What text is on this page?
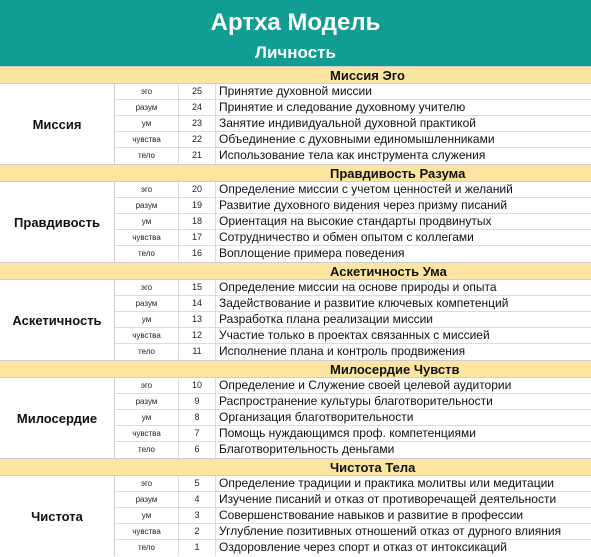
Артха Модель
Личность
Миссия Эго
Миссия
эго	25	Принятие духовной миссии
разум	24	Принятие и следование духовному учителю
ум	23	Занятие индивидуальной духовной практикой
чувства	22	Объединение с духовными единомышленниками
тело	21	Использование тела как инструмента служения
Правдивость Разума
Правдивость
эго	20	Определение миссии с учетом ценностей и желаний
разум	19	Развитие духовного видения через призму писаний
ум	18	Ориентация на высокие стандарты продвинутых
чувства	17	Сотрудничество и обмен опытом с коллегами
тело	16	Воплощение примера поведения
Аскетичность Ума
Аскетичность
эго	15	Определение миссии на основе природы и опыта
разум	14	Задействование и развитие ключевых компетенций
ум	13	Разработка плана реализации миссии
чувства	12	Участие только в проектах связанных с миссией
тело	11	Исполнение плана и контроль продвижения
Милосердие Чувств
Милосердие
эго	10	Определение и Служение своей целевой аудитории
разум	9	Распространение культуры благотворительности
ум	8	Организация благотворительности
чувства	7	Помощь нуждающимся проф. компетенциями
тело	6	Благотворительность деньгами
Чистота Тела
Чистота
эго	5	Определение традиции и практика молитвы или медитации
разум	4	Изучение писаний и отказ от противоречащей деятельности
ум	3	Совершенствование навыков и развитие в профессии
чувства	2	Углубление позитивных отношений отказ от дурного влияния
тело	1	Оздоровление через спорт и отказ от интоксикаций
